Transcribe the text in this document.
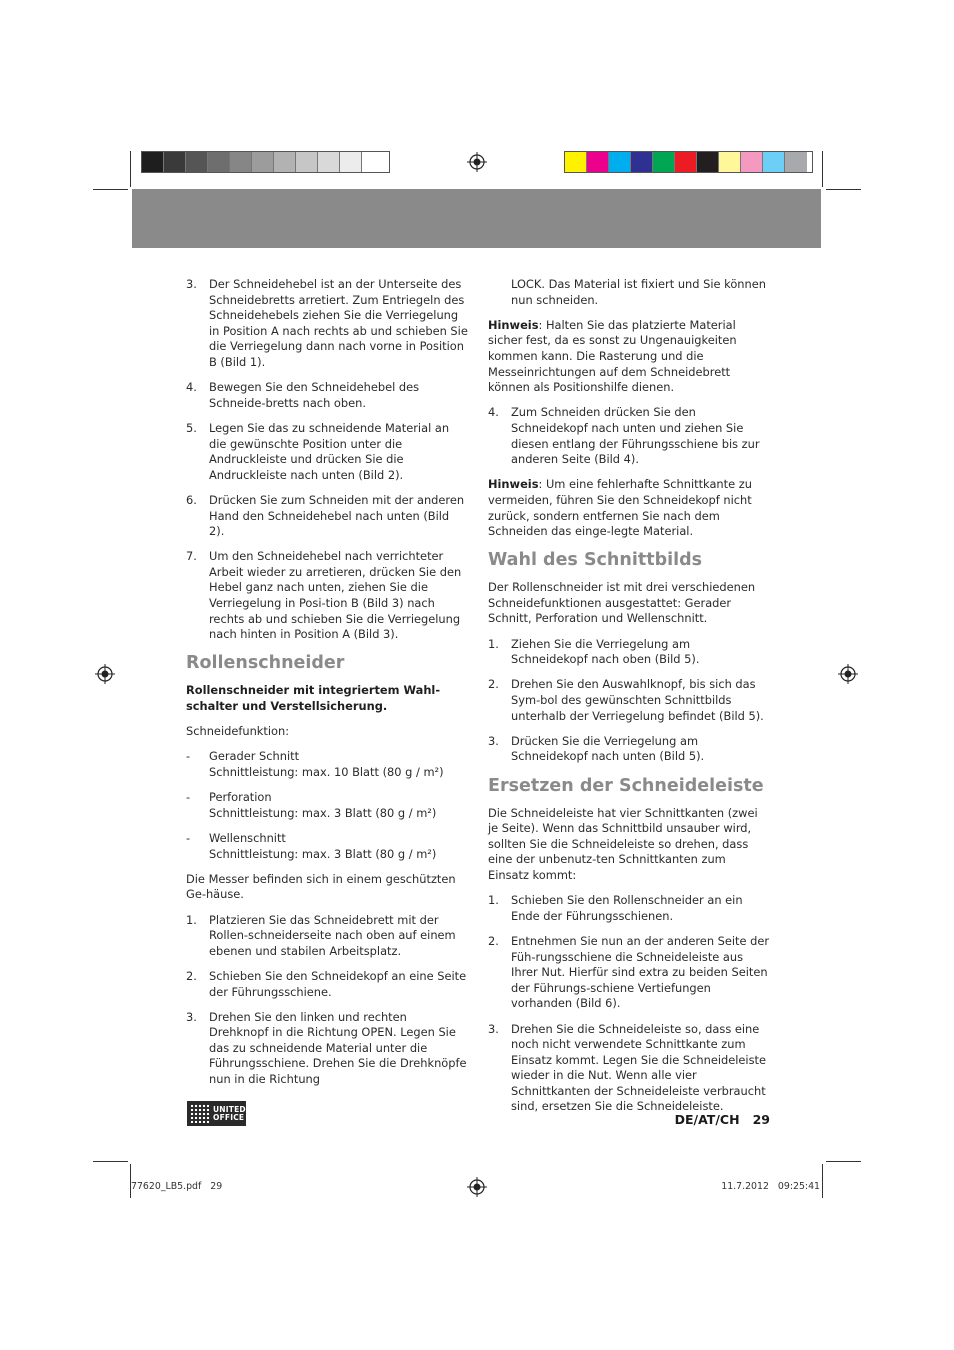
3. Der Schneidehebel ist an der Unterseite des Schneidebretts arretiert. Zum Entriegeln des Schneidehebels ziehen Sie die Verriegelung in Position A nach rechts ab und schieben Sie die Verriegelung dann nach vorne in Position B (Bild 1).
4. Bewegen Sie den Schneidehebel des Schneide-bretts nach oben.
5. Legen Sie das zu schneidende Material an die gewünschte Position unter die Andruckleiste und drücken Sie die Andruckleiste nach unten (Bild 2).
6. Drücken Sie zum Schneiden mit der anderen Hand den Schneidehebel nach unten (Bild 2).
7. Um den Schneidehebel nach verrichteter Arbeit wieder zu arretieren, drücken Sie den Hebel ganz nach unten, ziehen Sie die Verriegelung in Posi-tion B (Bild 3) nach rechts ab und schieben Sie die Verriegelung nach hinten in Position A (Bild 3).
Rollenschneider

Rollenschneider mit integriertem Wahl-schalter und Verstellsicherung.

Schneidefunktion:

- Gerader Schnitt
Schnittleistung: max. 10 Blatt (80 g / m²)
- Perforation
Schnittleistung: max. 3 Blatt (80 g / m²)
- Wellenschnitt
Schnittleistung: max. 3 Blatt (80 g / m²)

Die Messer befinden sich in einem geschützten Ge-häuse.

1. Platzieren Sie das Schneidebrett mit der Rollen-schneiderseite nach oben auf einem ebenen und stabilen Arbeitsplatz.
2. Schieben Sie den Schneidekopf an eine Seite der Führungsschiene.
3. Drehen Sie den linken und rechten Drehknopf in die Richtung OPEN. Legen Sie das zu schneidende Material unter die Führungsschiene. Drehen Sie die Drehknöpfe nun in die Richtung

LOCK. Das Material ist fixiert und Sie können nun schneiden.

Hinweis: Halten Sie das platzierte Material sicher fest, da es sonst zu Ungenauigkeiten kommen kann. Die Rasterung und die Messeinrichtungen auf dem Schneidebrett können als Positionshilfe dienen.

4. Zum Schneiden drücken Sie den Schneidekopf nach unten und ziehen Sie diesen entlang der Führungsschiene bis zur anderen Seite (Bild 4).

Hinweis: Um eine fehlerhafte Schnittkante zu vermeiden, führen Sie den Schneidekopf nicht zurück, sondern entfernen Sie nach dem Schneiden das einge-legte Material.

Wahl des Schnittbilds

Der Rollenschneider ist mit drei verschiedenen Schneidefunktionen ausgestattet: Gerader Schnitt, Perforation und Wellenschnitt.

1. Ziehen Sie die Verriegelung am Schneidekopf nach oben (Bild 5).
2. Drehen Sie den Auswahlknopf, bis sich das Sym-bol des gewünschten Schnittbilds unterhalb der Verriegelung befindet (Bild 5).
3. Drücken Sie die Verriegelung am Schneidekopf nach unten (Bild 5).
Ersetzen der Schneideleiste

Die Schneideleiste hat vier Schnittkanten (zwei je Seite). Wenn das Schnittbild unsauber wird, sollten Sie die Schneideleiste so drehen, dass eine der unbenutz-ten Schnittkanten zum Einsatz kommt:

1. Schieben Sie den Rollenschneider an ein Ende der Führungsschienen.
2. Entnehmen Sie nun an der anderen Seite der Füh-rungsschiene die Schneideleiste aus Ihrer Nut. Hierfür sind extra zu beiden Seiten der Führungs-schiene Vertiefungen vorhanden (Bild 6).
3. Drehen Sie die Schneideleiste so, dass eine noch nicht verwendete Schnittkante zum Einsatz kommt. Legen Sie die Schneideleiste wieder in die Nut. Wenn alle vier Schnittkanten der Schneideleiste verbraucht sind, ersetzen Sie die Schneideleiste.
UNITED
OFFICE	DE/AT/CH   29
77620_LB5.pdf   29	11.7.2012   09:25:41
